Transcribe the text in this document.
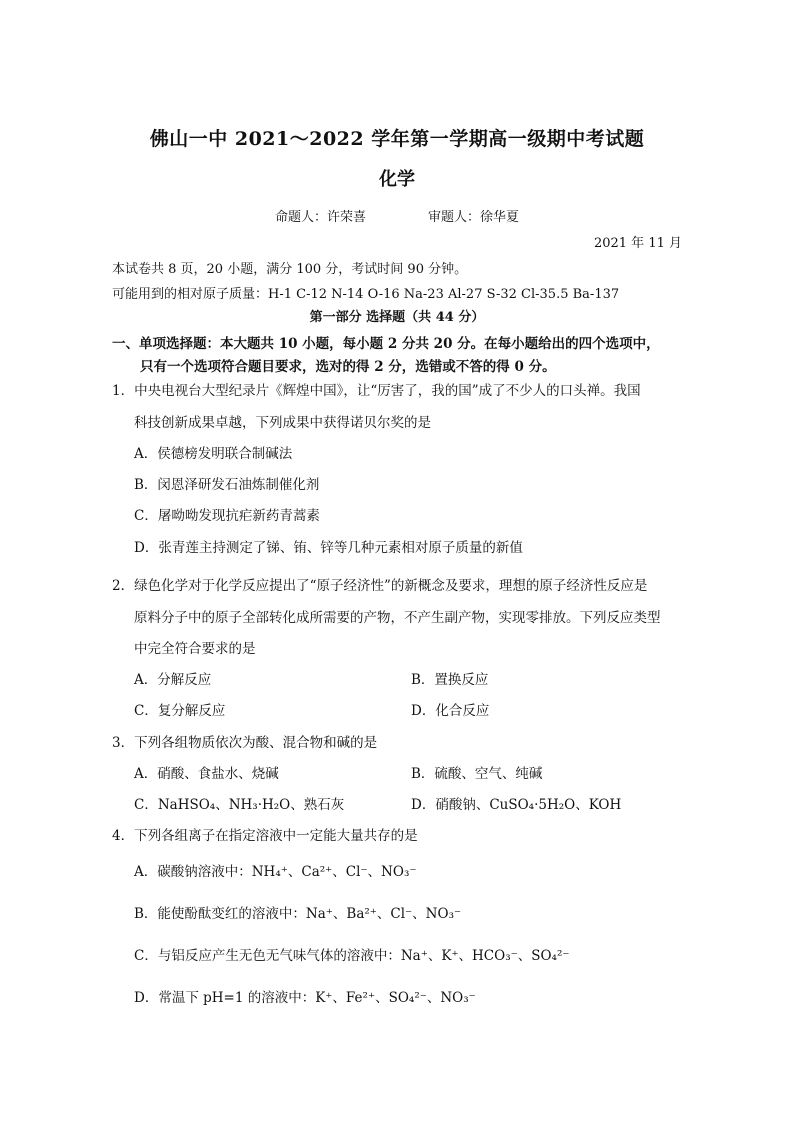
佛山一中 2021～2022 学年第一学期高一级期中考试题
化学
命题人：许荣喜	审题人：徐华夏
2021 年 11 月
本试卷共 8 页，20 小题，满分 100 分，考试时间 90 分钟。
可能用到的相对原子质量：H-1 C-12 N-14 O-16 Na-23 Al-27 S-32 Cl-35.5 Ba-137
第一部分 选择题（共 44 分）
一、单项选择题：本大题共 10 小题，每小题 2 分共 20 分。在每小题给出的四个选项中，
只有一个选项符合题目要求，选对的得 2 分，选错或不答的得 0 分。
1．中央电视台大型纪录片《辉煌中国》，让“厉害了，我的国”成了不少人的口头禅。我国
科技创新成果卓越，下列成果中获得诺贝尔奖的是
A．侯德榜发明联合制碱法
B．闵恩泽研发石油炼制催化剂
C．屠呦呦发现抗疟新药青蒿素
D．张青莲主持测定了锑、铕、锌等几种元素相对原子质量的新值
2．绿色化学对于化学反应提出了“原子经济性”的新概念及要求，理想的原子经济性反应是
原料分子中的原子全部转化成所需要的产物，不产生副产物，实现零排放。下列反应类型
中完全符合要求的是
A．分解反应	B．置换反应
C．复分解反应	D．化合反应
3．下列各组物质依次为酸、混合物和碱的是
A．硝酸、食盐水、烧碱	B．硫酸、空气、纯碱
C．NaHSO₄、NH₃·H₂O、熟石灰	D．硝酸钠、CuSO₄·5H₂O、KOH
4．下列各组离子在指定溶液中一定能大量共存的是
A．碳酸钠溶液中：NH₄⁺、Ca²⁺、Cl⁻、NO₃⁻
B．能使酚酞变红的溶液中：Na⁺、Ba²⁺、Cl⁻、NO₃⁻
C．与铝反应产生无色无气味气体的溶液中：Na⁺、K⁺、HCO₃⁻、SO₄²⁻
D．常温下 pH=1 的溶液中：K⁺、Fe²⁺、SO₄²⁻、NO₃⁻
